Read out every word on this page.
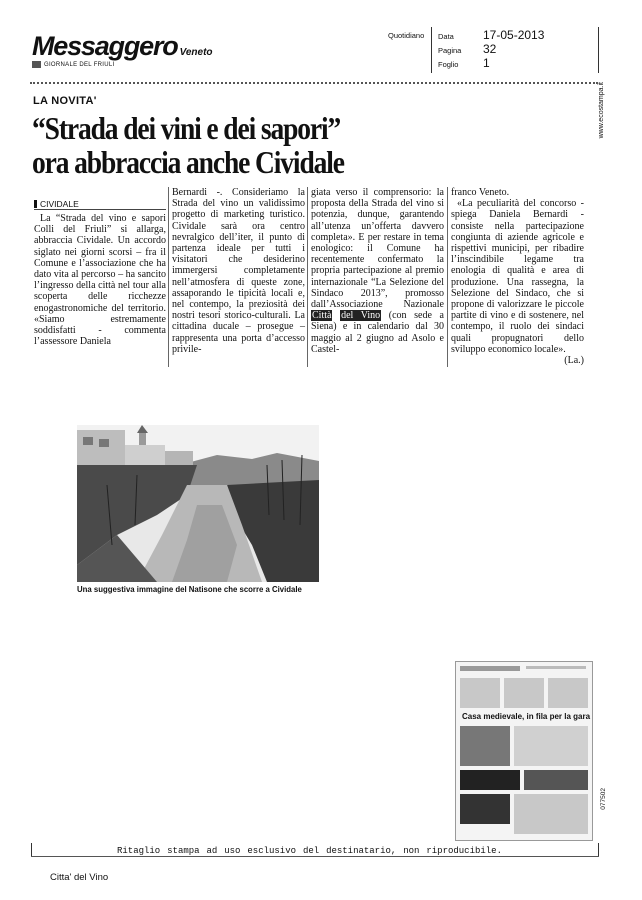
Messaggero Veneto
GIORNALE DEL FRIULI
Quotidiano Data	17-05-2013
Pagina	32
Foglio	1
www.ecostampa.it
LA NOVITA'
“Strada dei vini e dei sapori”
ora abbraccia anche Cividale
CIVIDALE
La “Strada del vino e sapori Colli del Friuli” si allarga, abbraccia Cividale. Un accordo siglato nei giorni scorsi – fra il Comune e l’associazione che ha dato vita al percorso – ha sancito l’ingresso della città nel tour alla scoperta delle ricchezze enogastronomiche del territorio. «Siamo estremamente soddisfatti - commenta l’assessore Daniela
Bernardi -. Consideriamo la Strada del vino un validissimo progetto di marketing turistico. Cividale sarà ora centro nevralgico dell’iter, il punto di partenza ideale per tutti i visitatori che desiderino immergersi completamente nell’atmosfera di queste zone, assaporando le tipicità locali e, nel contempo, la preziosità dei nostri tesori storico-culturali. La cittadina ducale – prosegue – rappresenta una porta d’accesso privile-
giata verso il comprensorio: la proposta della Strada del vino si potenzia, dunque, garantendo all’utenza un’offerta davvero completa». E per restare in tema enologico: il Comune ha recentemente confermato la propria partecipazione al premio internazionale “La Selezione del Sindaco 2013”, promosso dall’Associazione Nazionale Città del Vino (con sede a Siena) e in calendario dal 30 maggio al 2 giugno ad Asolo e Castel-
franco Veneto.
«La peculiarità del concorso - spiega Daniela Bernardi - consiste nella partecipazione congiunta di aziende agricole e rispettivi municipi, per ribadire l’inscindibile legame tra enologia di qualità e area di produzione. Una rassegna, la Selezione del Sindaco, che si propone di valorizzare le piccole partite di vino e di sostenere, nel contempo, il ruolo dei sindaci quali propugnatori dello sviluppo economico locale».
(La.)
Una suggestiva immagine del Natisone che scorre a Cividale
Casa medievale, in fila per la gara
Ritaglio stampa ad uso esclusivo del destinatario, non riproducibile.
077502
Citta' del Vino
